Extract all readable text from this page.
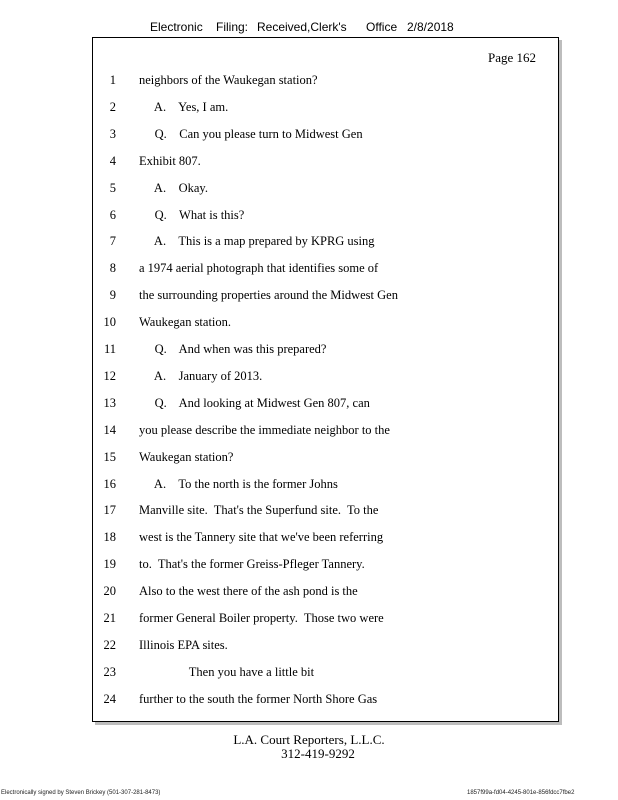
Electronic Filing: Received,Clerk's Office 2/8/2018
Page 162
1 neighbors of the Waukegan station?
2 A.    Yes, I am.
3 Q.    Can you please turn to Midwest Gen
4 Exhibit 807.
5 A.    Okay.
6 Q.    What is this?
7 A.    This is a map prepared by KPRG using
8 a 1974 aerial photograph that identifies some of
9 the surrounding properties around the Midwest Gen
10 Waukegan station.
11 Q.    And when was this prepared?
12 A.    January of 2013.
13 Q.    And looking at Midwest Gen 807, can
14 you please describe the immediate neighbor to the
15 Waukegan station?
16 A.    To the north is the former Johns
17 Manville site.  That's the Superfund site.  To the
18 west is the Tannery site that we've been referring
19 to.  That's the former Greiss-Pfleger Tannery.
20 Also to the west there of the ash pond is the
21 former General Boiler property.  Those two were
22 Illinois EPA sites.
23 Then you have a little bit
24 further to the south the former North Shore Gas
L.A. Court Reporters, L.L.C.
312-419-9292
Electronically signed by Steven Brickey (501-307-281-8473)	1857f99a-fd04-4245-801e-856fdcc7fbe2
